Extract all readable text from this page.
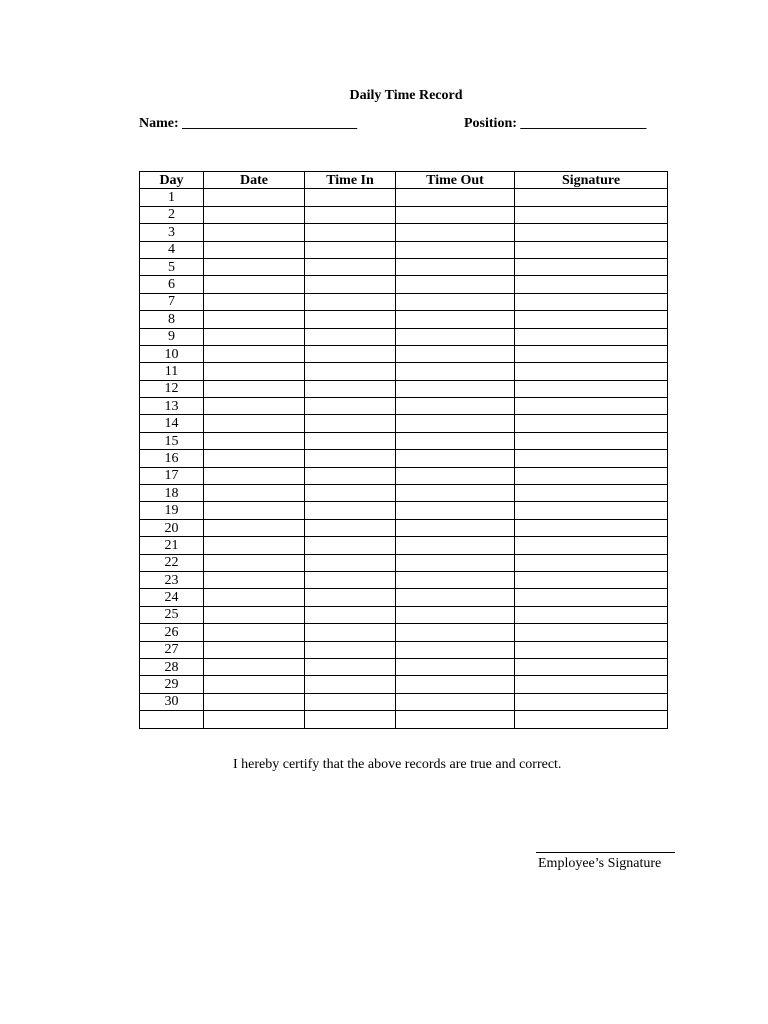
Daily Time Record
Name: _________________________	Position: __________________
Day	Date	Time In	Time Out	Signature
1				
2				
3				
4				
5				
6				
7				
8				
9				
10				
11				
12				
13				
14				
15				
16				
17				
18				
19				
20				
21				
22				
23				
24				
25				
26				
27				
28				
29				
30				

I hereby certify that the above records are true and correct.
Employee’s Signature
